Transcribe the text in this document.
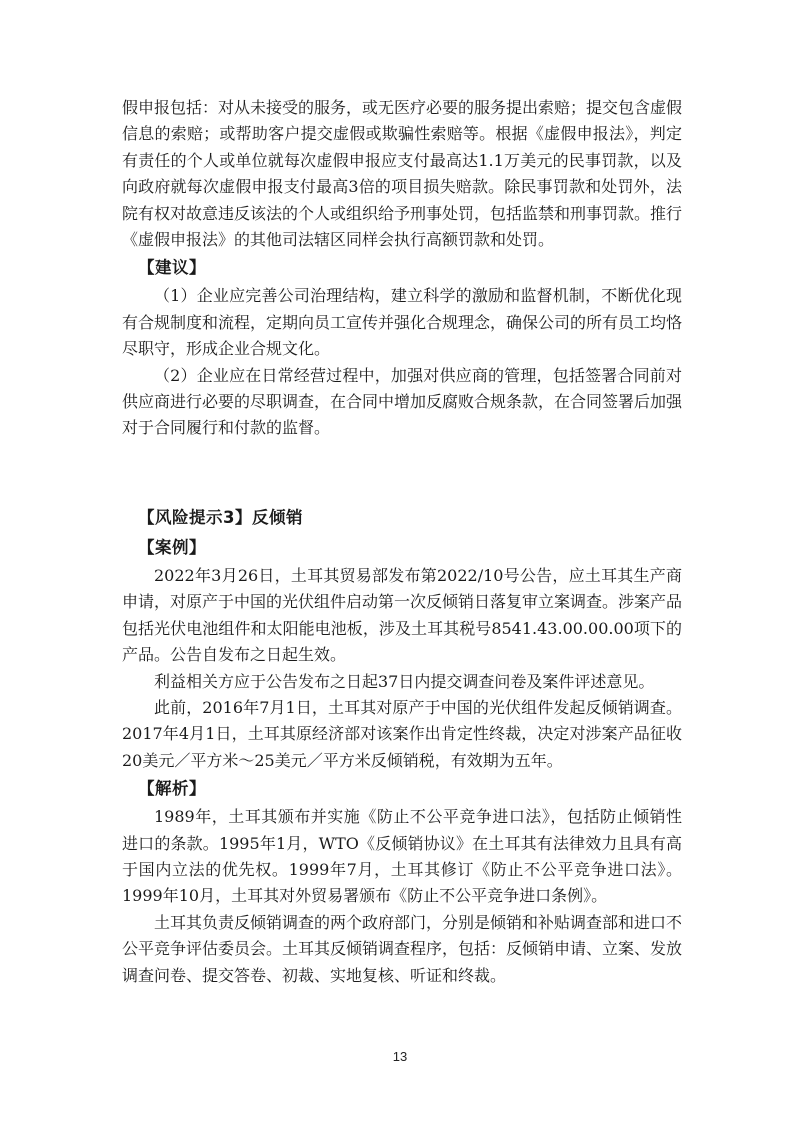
假申报包括：对从未接受的服务，或无医疗必要的服务提出索赔；提交包含虚假信息的索赔；或帮助客户提交虚假或欺骗性索赔等。根据《虚假申报法》，判定有责任的个人或单位就每次虚假申报应支付最高达1.1万美元的民事罚款，以及向政府就每次虚假申报支付最高3倍的项目损失赔款。除民事罚款和处罚外，法院有权对故意违反该法的个人或组织给予刑事处罚，包括监禁和刑事罚款。推行《虚假申报法》的其他司法辖区同样会执行高额罚款和处罚。

【建议】

（1）企业应完善公司治理结构，建立科学的激励和监督机制，不断优化现有合规制度和流程，定期向员工宣传并强化合规理念，确保公司的所有员工均恪尽职守，形成企业合规文化。

（2）企业应在日常经营过程中，加强对供应商的管理，包括签署合同前对供应商进行必要的尽职调查，在合同中增加反腐败合规条款，在合同签署后加强对于合同履行和付款的监督。

【风险提示3】反倾销

【案例】

2022年3月26日，土耳其贸易部发布第2022/10号公告，应土耳其生产商申请，对原产于中国的光伏组件启动第一次反倾销日落复审立案调查。涉案产品包括光伏电池组件和太阳能电池板，涉及土耳其税号8541.43.00.00.00项下的产品。公告自发布之日起生效。

利益相关方应于公告发布之日起37日内提交调查问卷及案件评述意见。

此前，2016年7月1日，土耳其对原产于中国的光伏组件发起反倾销调查。2017年4月1日，土耳其原经济部对该案作出肯定性终裁，决定对涉案产品征收20美元／平方米～25美元／平方米反倾销税，有效期为五年。

【解析】

1989年，土耳其颁布并实施《防止不公平竞争进口法》，包括防止倾销性进口的条款。1995年1月，WTO《反倾销协议》在土耳其有法律效力且具有高于国内立法的优先权。1999年7月，土耳其修订《防止不公平竞争进口法》。1999年10月，土耳其对外贸易署颁布《防止不公平竞争进口条例》。

土耳其负责反倾销调查的两个政府部门，分别是倾销和补贴调查部和进口不公平竞争评估委员会。土耳其反倾销调查程序，包括：反倾销申请、立案、发放调查问卷、提交答卷、初裁、实地复核、听证和终裁。

13
